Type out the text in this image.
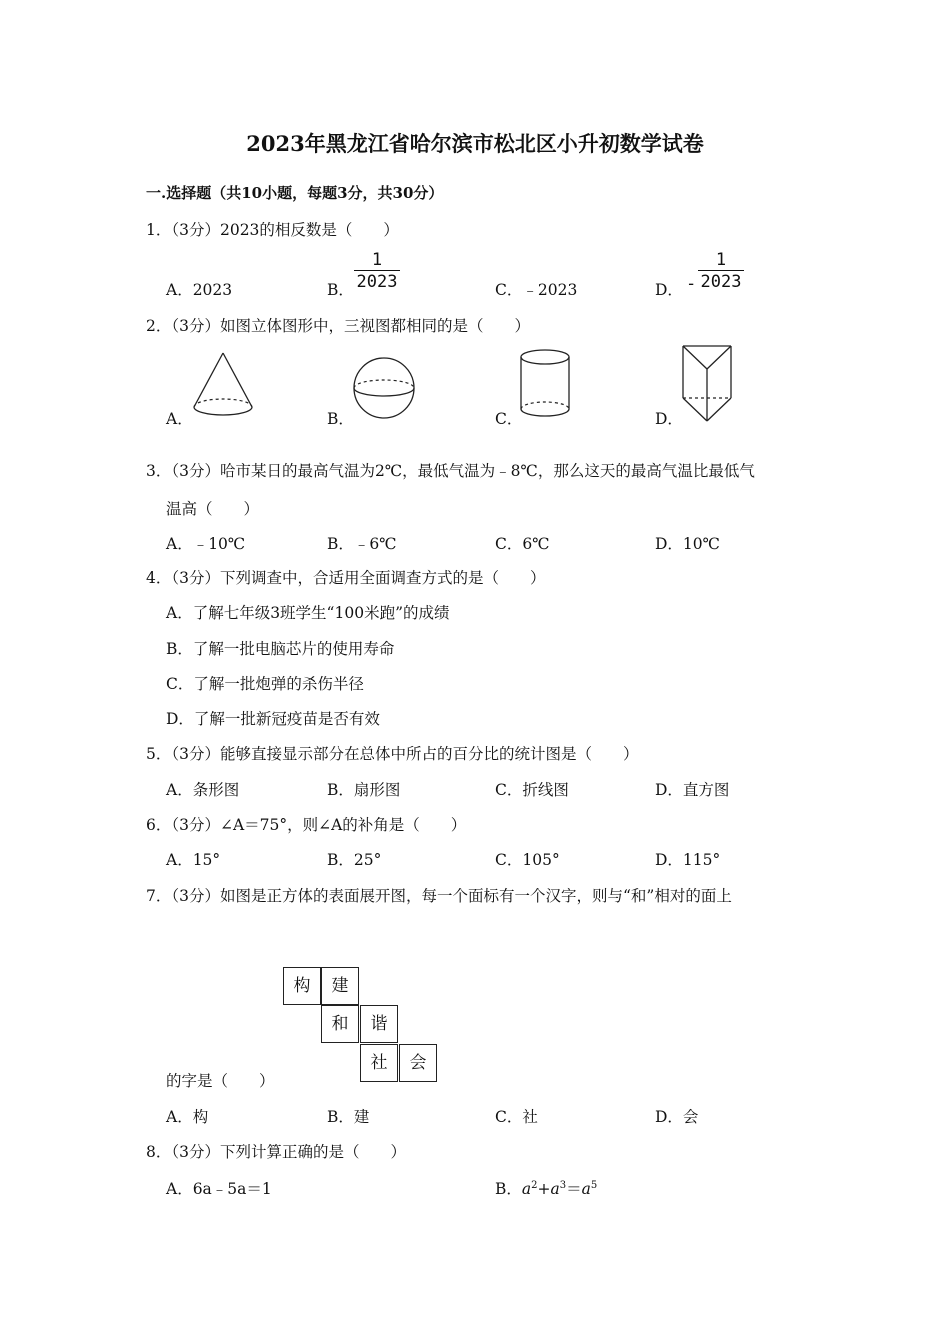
2023年黑龙江省哈尔滨市松北区小升初数学试卷
一.选择题（共10小题，每题3分，共30分）
1．（3分）2023的相反数是（　　）
A．2023	B． $\frac{1}{2023}$	C．﹣2023	D． - $\frac{1}{2023}$
2．（3分）如图立体图形中，三视图都相同的是（　　）
A．	B．	C．	D．
3．（3分）哈市某日的最高气温为2℃，最低气温为﹣8℃，那么这天的最高气温比最低气
温高（　　）
A．﹣10℃	B．﹣6℃	C．6℃	D．10℃
4．（3分）下列调查中，合适用全面调查方式的是（　　）
A．了解七年级3班学生“100米跑”的成绩
B．了解一批电脑芯片的使用寿命
C．了解一批炮弹的杀伤半径
D．了解一批新冠疫苗是否有效
5．（3分）能够直接显示部分在总体中所占的百分比的统计图是（　　）
A．条形图	B．扇形图	C．折线图	D．直方图
6．（3分）∠A＝75°，则∠A的补角是（　　）
A．15°	B．25°	C．105°	D．115°
7．（3分）如图是正方体的表面展开图，每一个面标有一个汉字，则与“和”相对的面上
构	建
和	谐
社	会
的字是（　　）
A．构	B．建	C．社	D．会
8．（3分）下列计算正确的是（　　）
A．6a﹣5a＝1	B．$a^2+a^3=a^5$
